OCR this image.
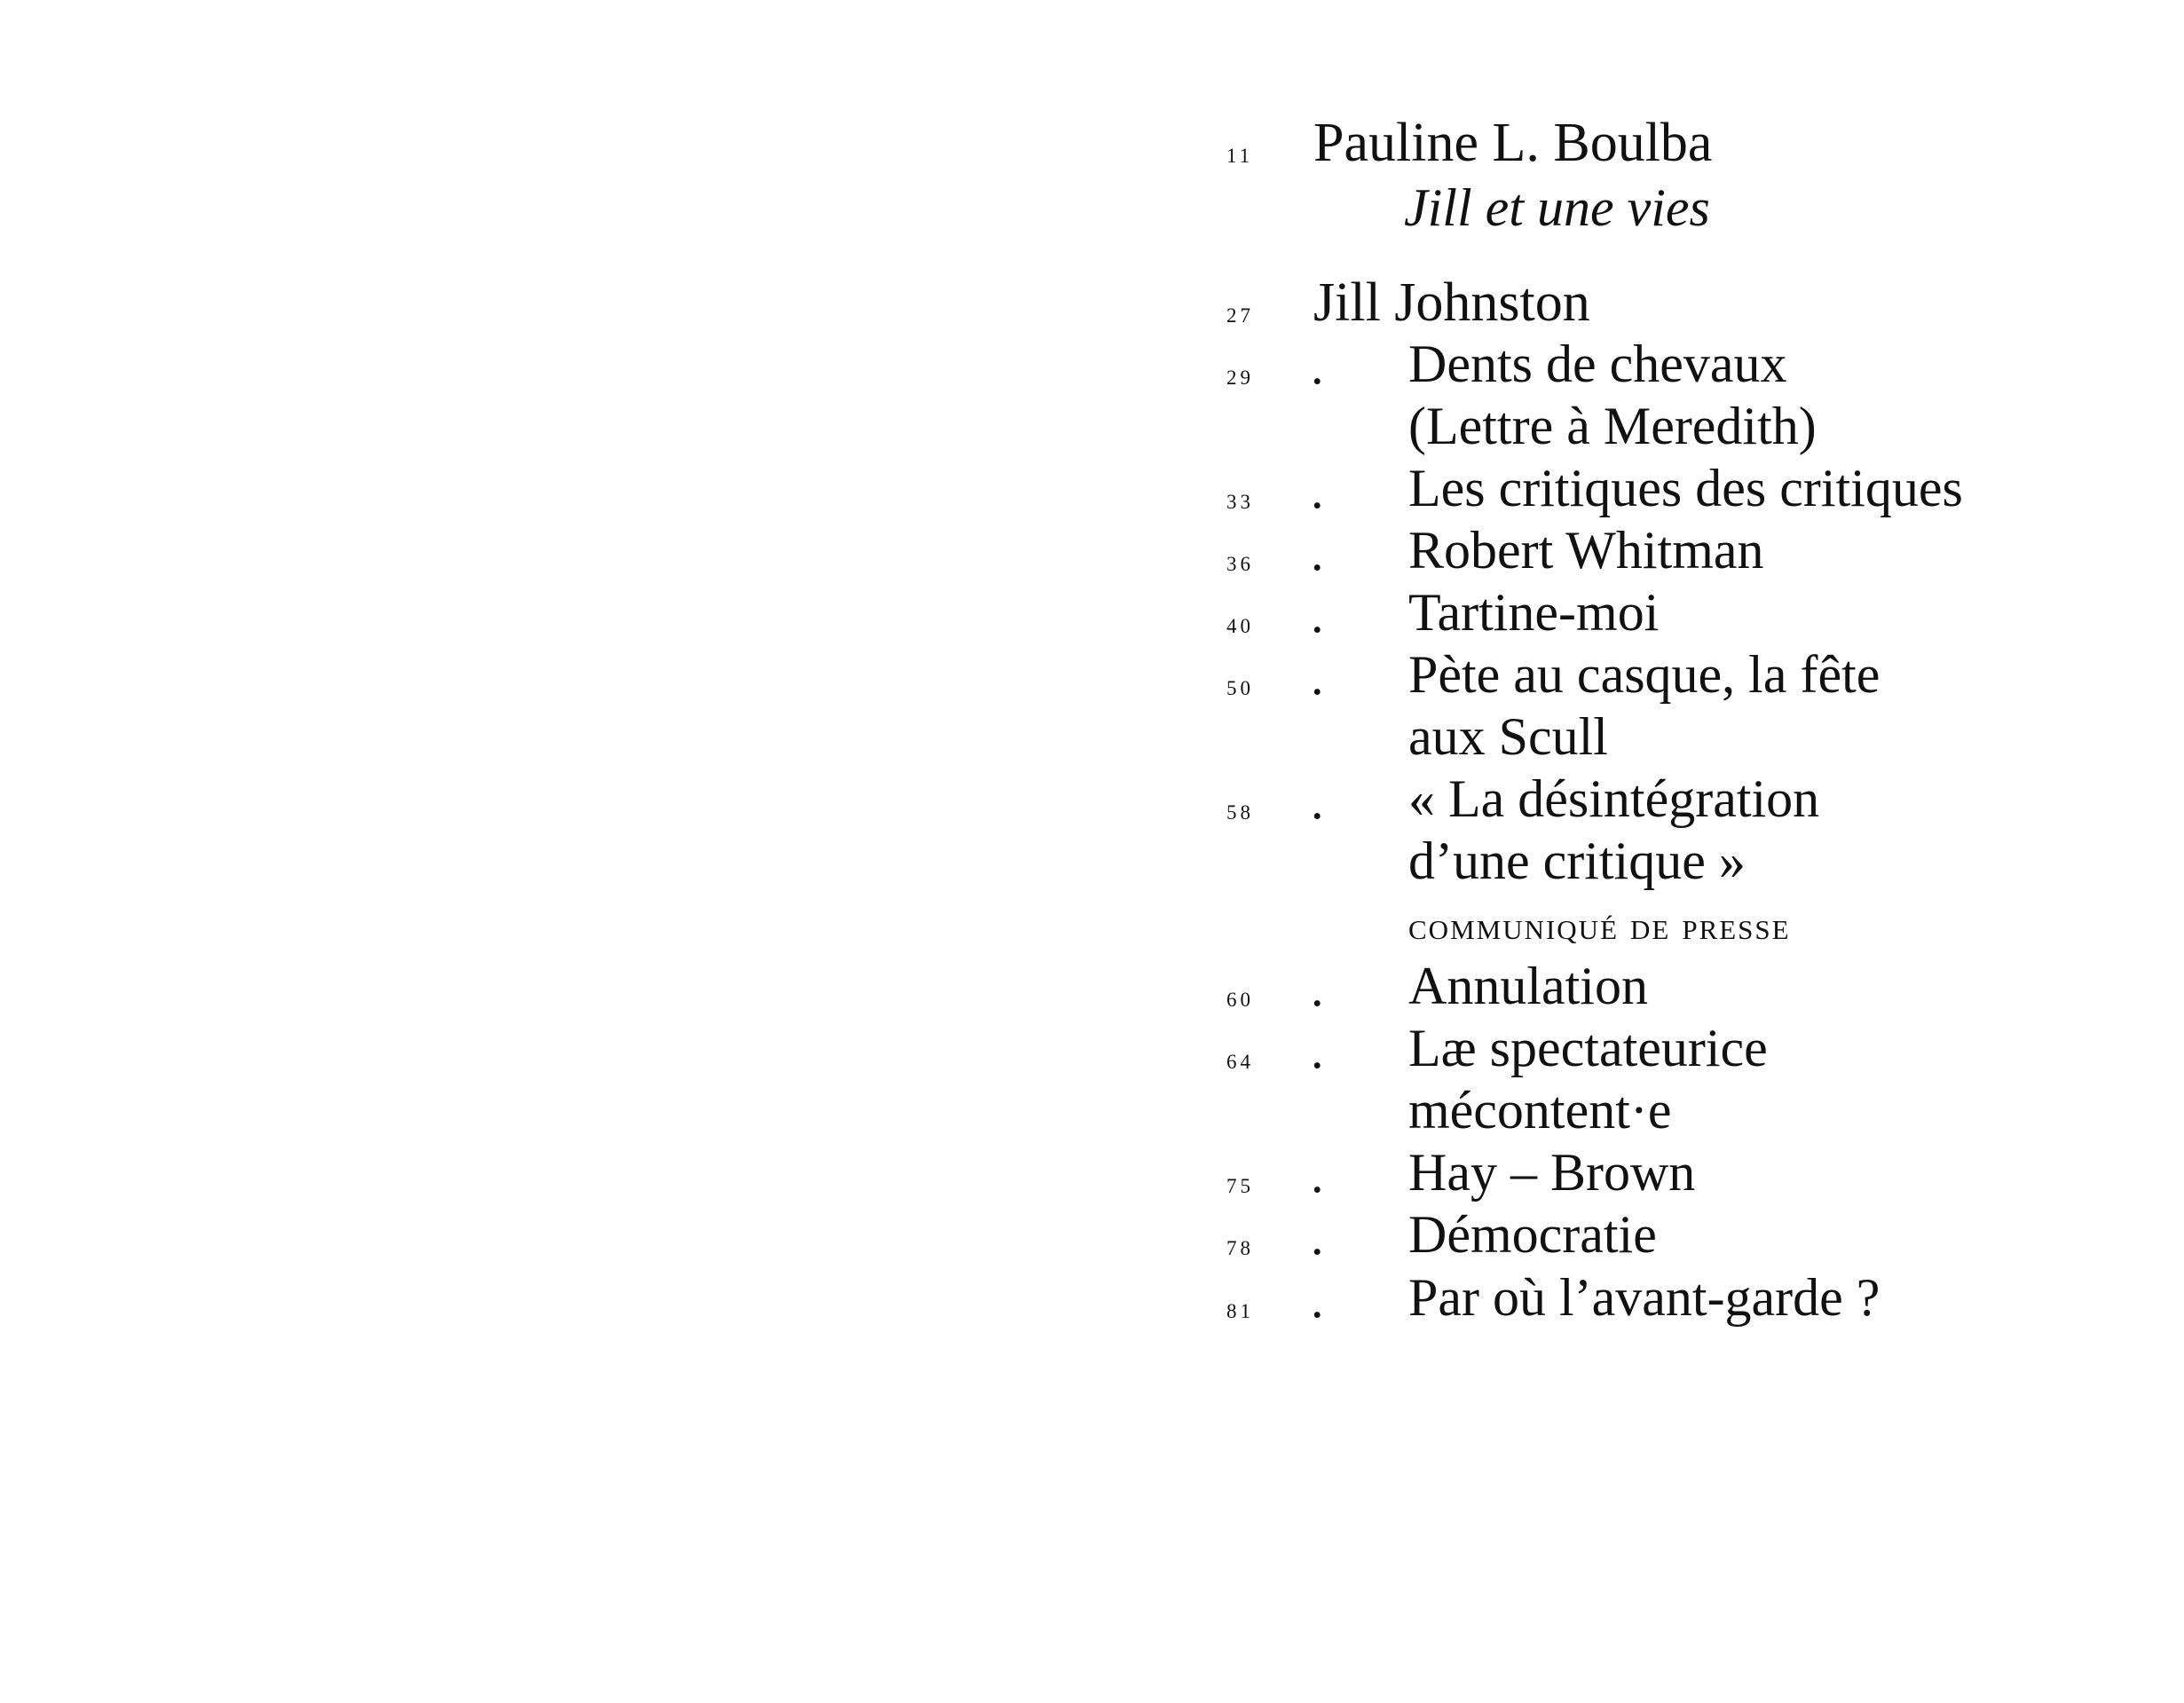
11 Pauline L. Boulba
Jill et une vies
27 Jill Johnston
29 . Dents de chevaux
(Lettre à Meredith)
33 . Les critiques des critiques
36 . Robert Whitman
40 . Tartine-moi
50 . Pète au casque, la fête
aux Scull
58 . « La désintégration
d’une critique »
communiqué de presse
60 . Annulation
64 . Læ spectateurice
mécontent·e
75 . Hay – Brown
78 . Démocratie
81 . Par où l’avant-garde ?
